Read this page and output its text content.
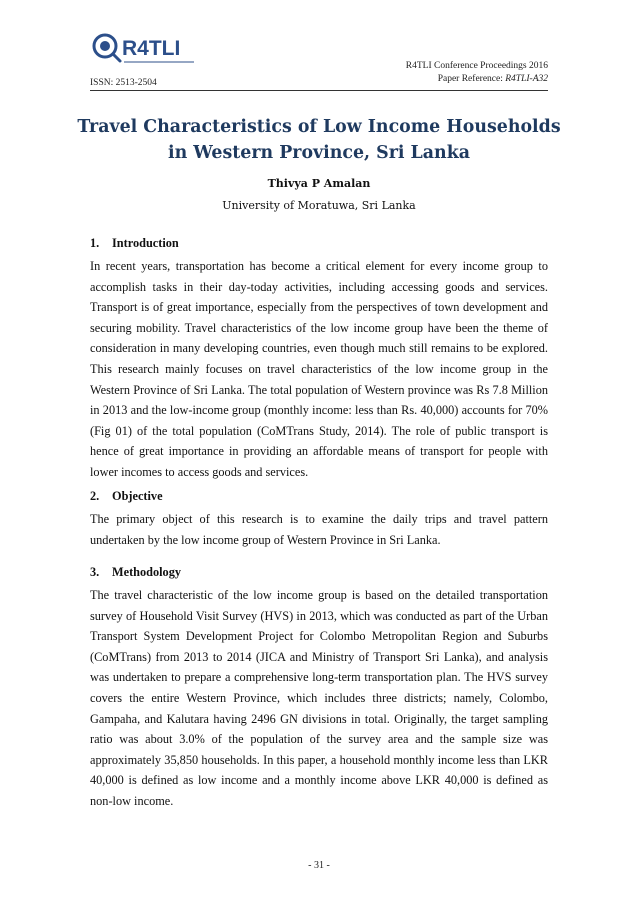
R4TLI
ISSN: 2513-2504
R4TLI Conference Proceedings 2016
Paper Reference: R4TLI-A32
Travel Characteristics of Low Income Households
in Western Province, Sri Lanka
Thivya P Amalan
University of Moratuwa, Sri Lanka
1. Introduction
In recent years, transportation has become a critical element for every income group to accomplish tasks in their day-today activities, including accessing goods and services. Transport is of great importance, especially from the perspectives of town development and securing mobility. Travel characteristics of the low income group have been the theme of consideration in many developing countries, even though much still remains to be explored. This research mainly focuses on travel characteristics of the low income group in the Western Province of Sri Lanka. The total population of Western province was Rs 7.8 Million in 2013 and the low-income group (monthly income: less than Rs. 40,000) accounts for 70% (Fig 01) of the total population (CoMTrans Study, 2014). The role of public transport is hence of great importance in providing an affordable means of transport for people with lower incomes to access goods and services.
2. Objective
The primary object of this research is to examine the daily trips and travel pattern undertaken by the low income group of Western Province in Sri Lanka.
3. Methodology
The travel characteristic of the low income group is based on the detailed transportation survey of Household Visit Survey (HVS) in 2013, which was conducted as part of the Urban Transport System Development Project for Colombo Metropolitan Region and Suburbs (CoMTrans) from 2013 to 2014 (JICA and Ministry of Transport Sri Lanka), and analysis was undertaken to prepare a comprehensive long-term transportation plan. The HVS survey covers the entire Western Province, which includes three districts; namely, Colombo, Gampaha, and Kalutara having 2496 GN divisions in total. Originally, the target sampling ratio was about 3.0% of the population of the survey area and the sample size was approximately 35,850 households. In this paper, a household monthly income less than LKR 40,000 is defined as low income and a monthly income above LKR 40,000 is defined as non-low income.
- 31 -
